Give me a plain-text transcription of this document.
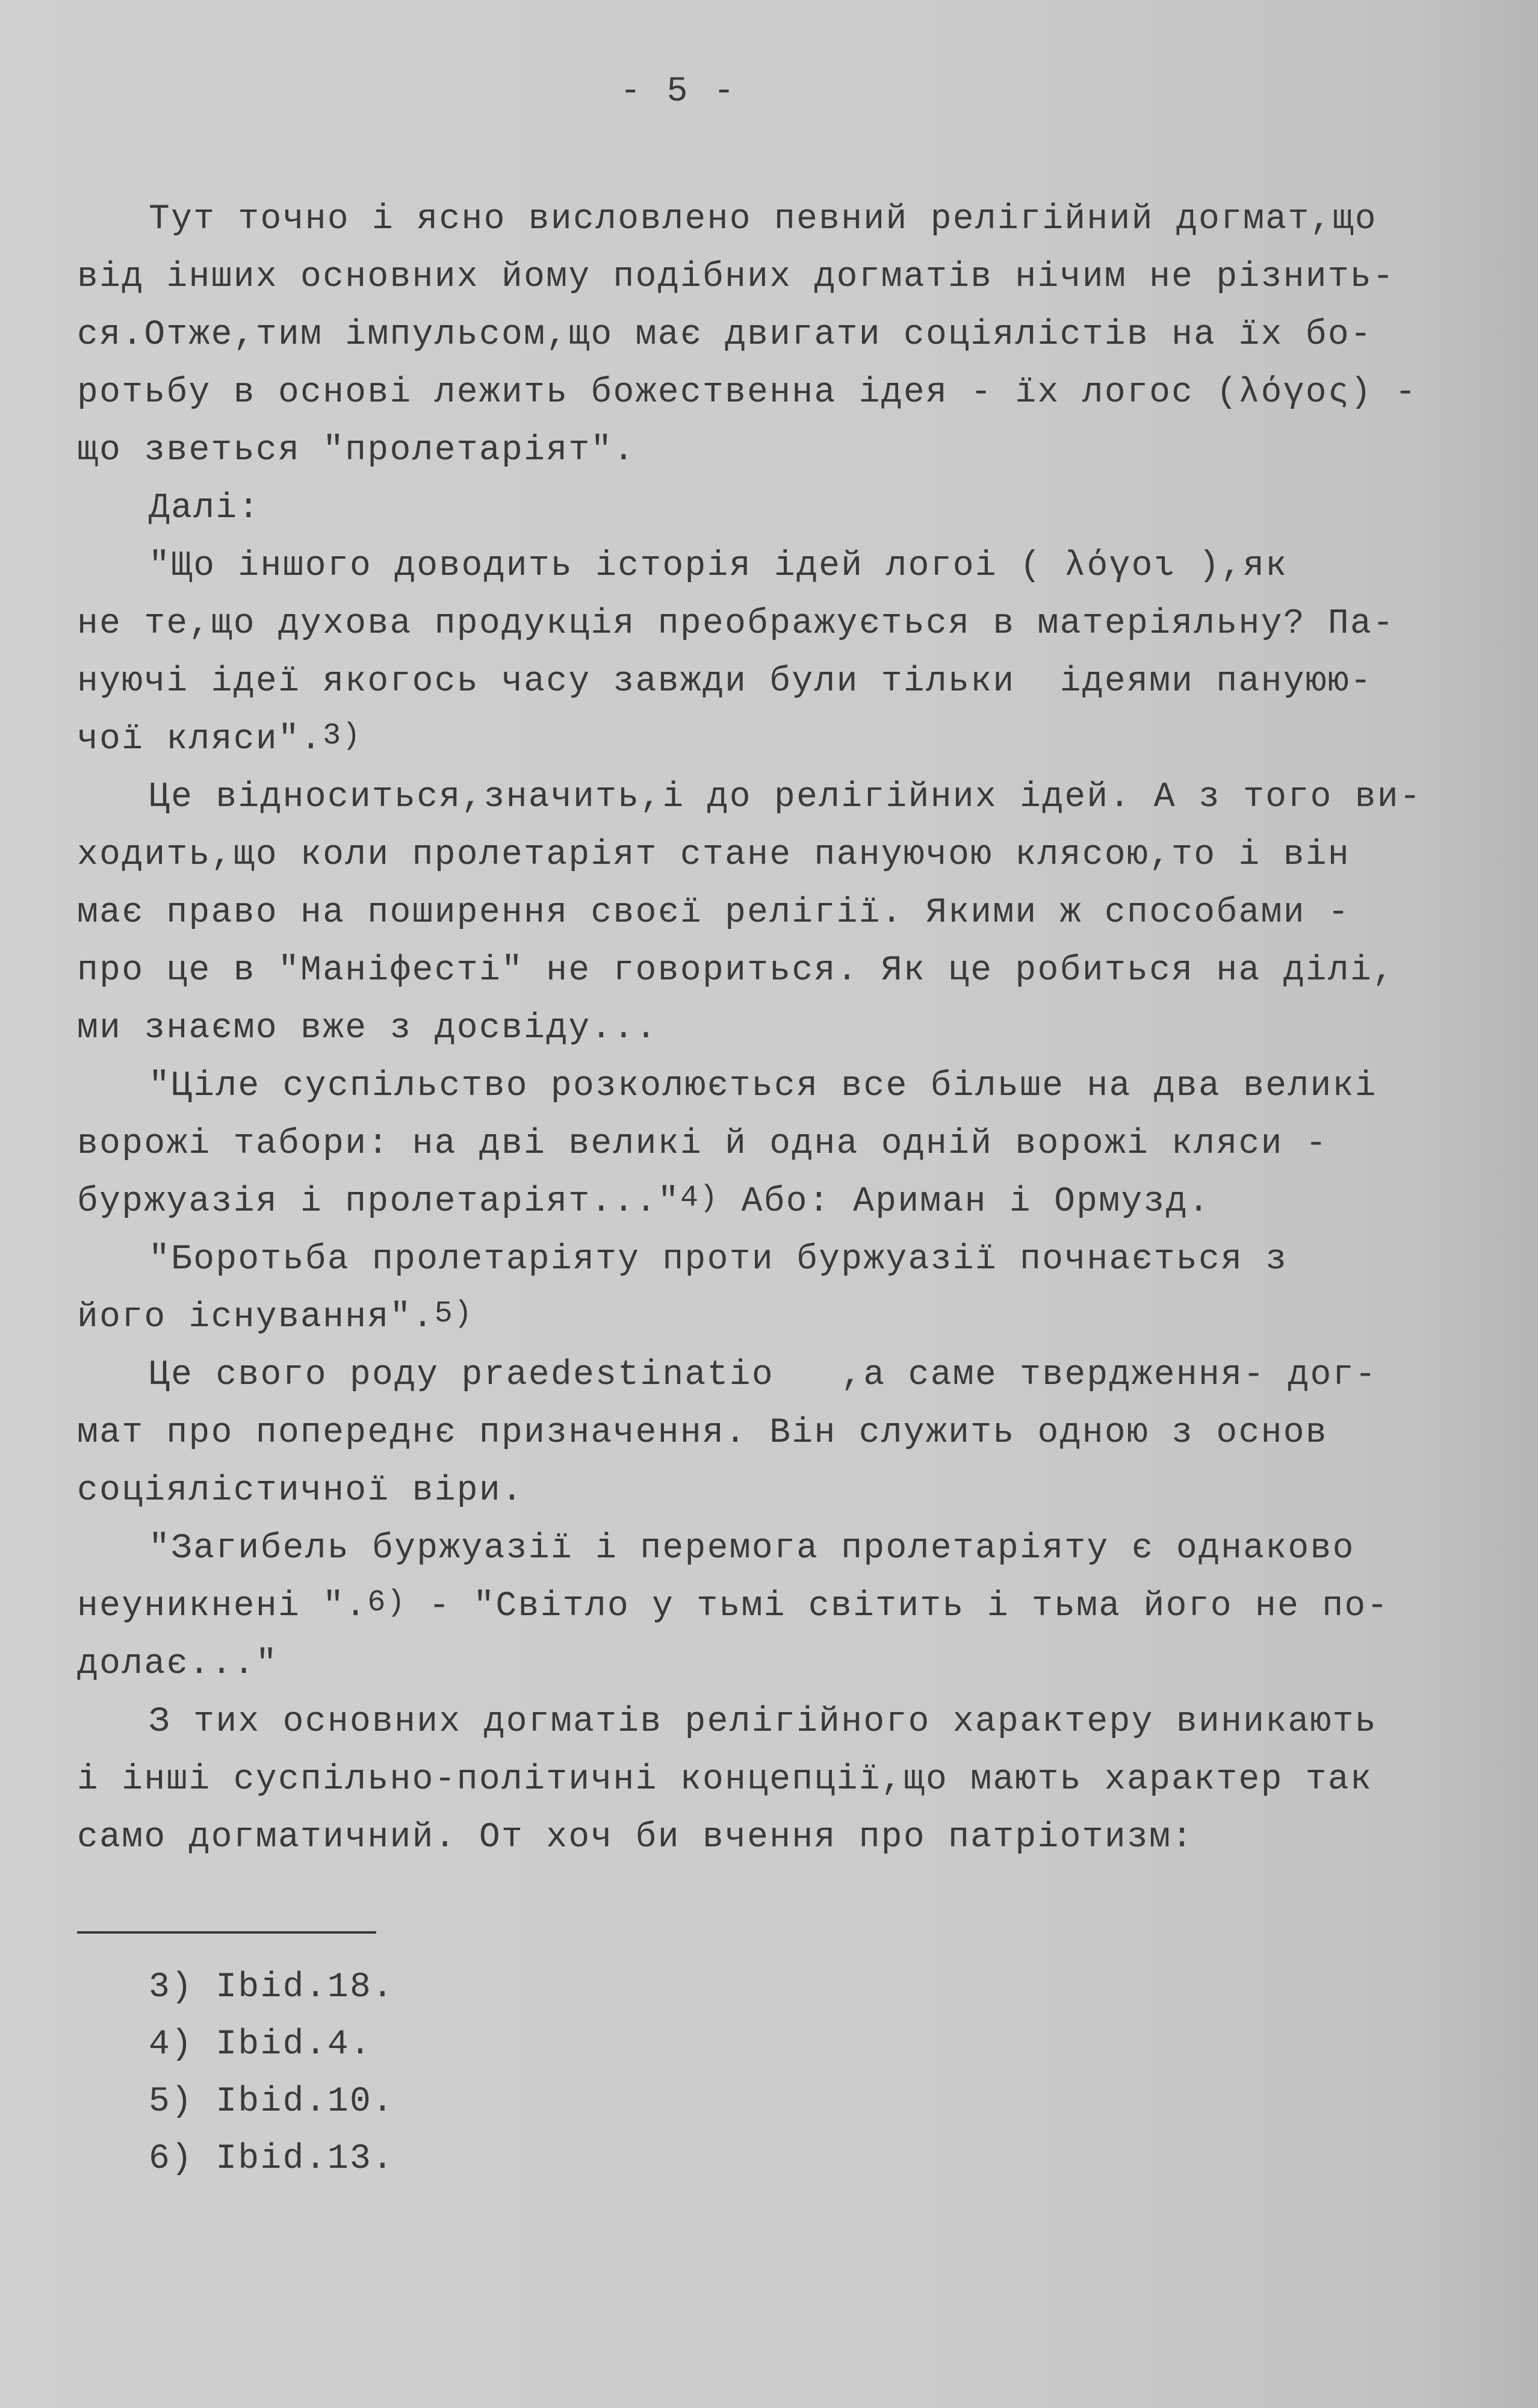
- 5 -
Тут точно і ясно висловлено певний релігійний догмат,що
від інших основних йому подібних догматів нічим не різнить-
ся.Отже,тим імпульсом,що має двигати соціялістів на їх бо-
ротьбу в основі лежить божественна ідея - їх логос (λόγος) -
що зветься "пролетаріят".
Далі:
"Що іншого доводить історія ідей логоі ( λόγοι ),як
не те,що духова продукція преображується в матеріяльну? Па-
нуючі ідеї якогось часу завжди були тільки  ідеями пануюю-
чої кляси".$^{3)}$
Це відноситься,значить,і до релігійних ідей. А з того ви-
ходить,що коли пролетаріят стане пануючою клясою,то і він
має право на поширення своєї релігії. Якими ж способами -
про це в "Маніфесті" не говориться. Як це робиться на ділі,
ми знаємо вже з досвіду...
"Ціле суспільство розколюється все більше на два великі
ворожі табори: на дві великі й одна одній ворожі кляси -
буржуазія і пролетаріят..."$^{4)}$ Або: Ариман і Ормузд.
"Боротьба пролетаріяту проти буржуазії почнається з
його існування".$^{5)}$
Це свого роду praedestinatio   ,а саме твердження- дог-
мат про попереднє призначення. Він служить одною з основ
соціялістичної віри.
"Загибель буржуазії і перемога пролетаріяту є однаково
неуникнені ".$^{6)}$ - "Світло у тьмі світить і тьма його не по-
долає..."
З тих основних догматів релігійного характеру виникають
і інші суспільно-політичні концепції,що мають характер так
само догматичний. От хоч би вчення про патріотизм:
3) Ibid.18.
4) Ibid.4.
5) Ibid.10.
6) Ibid.13.
